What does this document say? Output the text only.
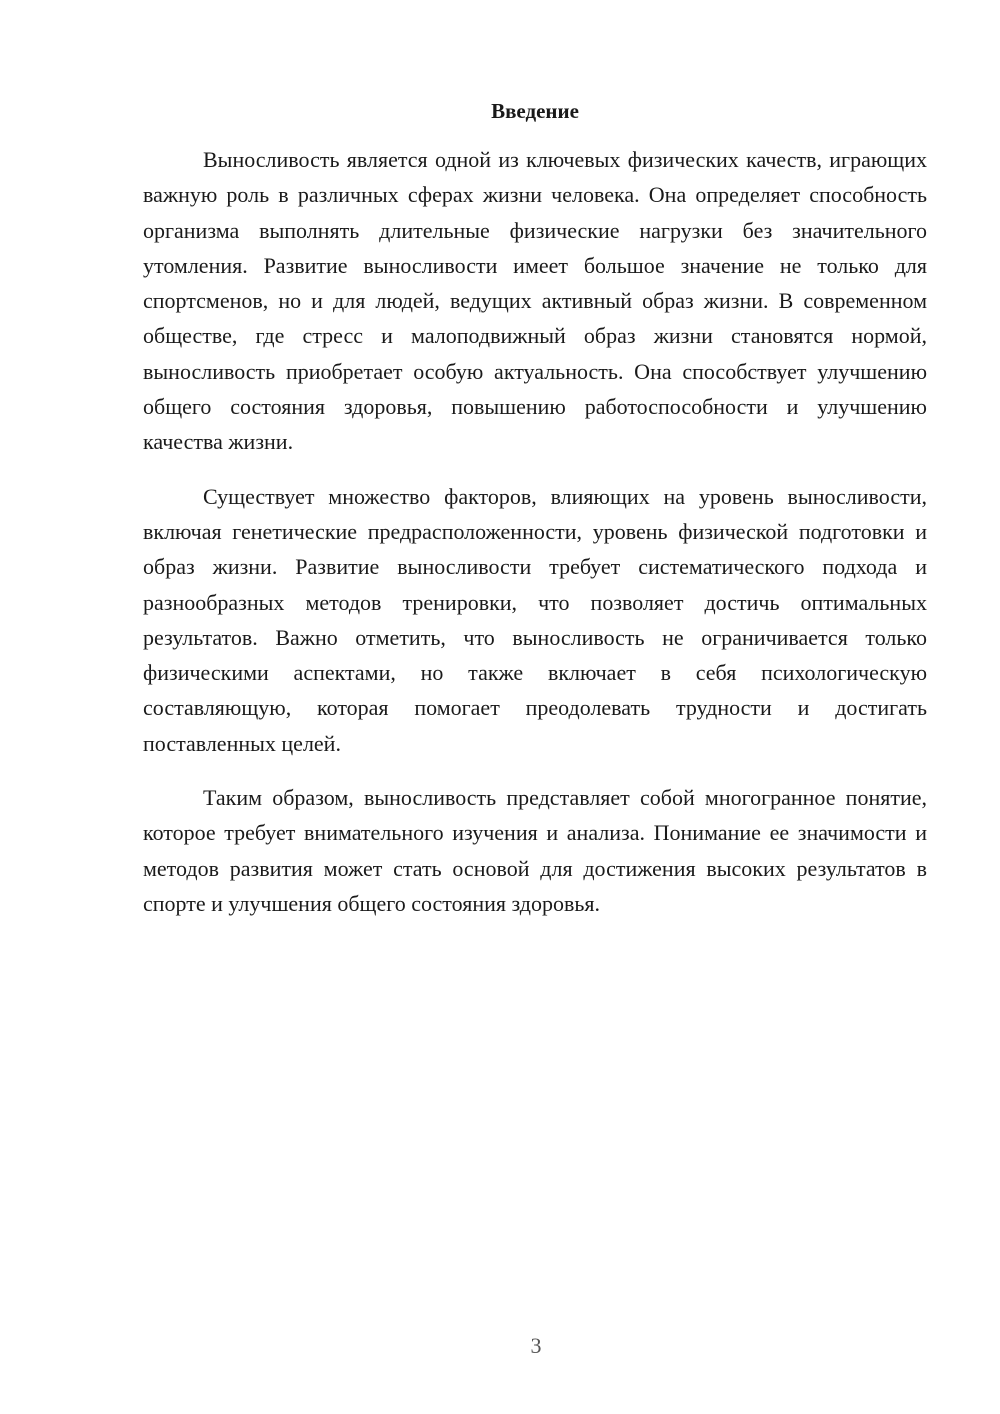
Введение

Выносливость является одной из ключевых физических качеств, играющих важную роль в различных сферах жизни человека. Она определяет способность организма выполнять длительные физические нагрузки без значительного утомления. Развитие выносливости имеет большое значение не только для спортсменов, но и для людей, ведущих активный образ жизни. В современном обществе, где стресс и малоподвижный образ жизни становятся нормой, выносливость приобретает особую актуальность. Она способствует улучшению общего состояния здоровья, повышению работоспособности и улучшению качества жизни.

Существует множество факторов, влияющих на уровень выносливости, включая генетические предрасположенности, уровень физической подготовки и образ жизни. Развитие выносливости требует систематического подхода и разнообразных методов тренировки, что позволяет достичь оптимальных результатов. Важно отметить, что выносливость не ограничивается только физическими аспектами, но также включает в себя психологическую составляющую, которая помогает преодолевать трудности и достигать поставленных целей.

Таким образом, выносливость представляет собой многогранное понятие, которое требует внимательного изучения и анализа. Понимание ее значимости и методов развития может стать основой для достижения высоких результатов в спорте и улучшения общего состояния здоровья.

3
